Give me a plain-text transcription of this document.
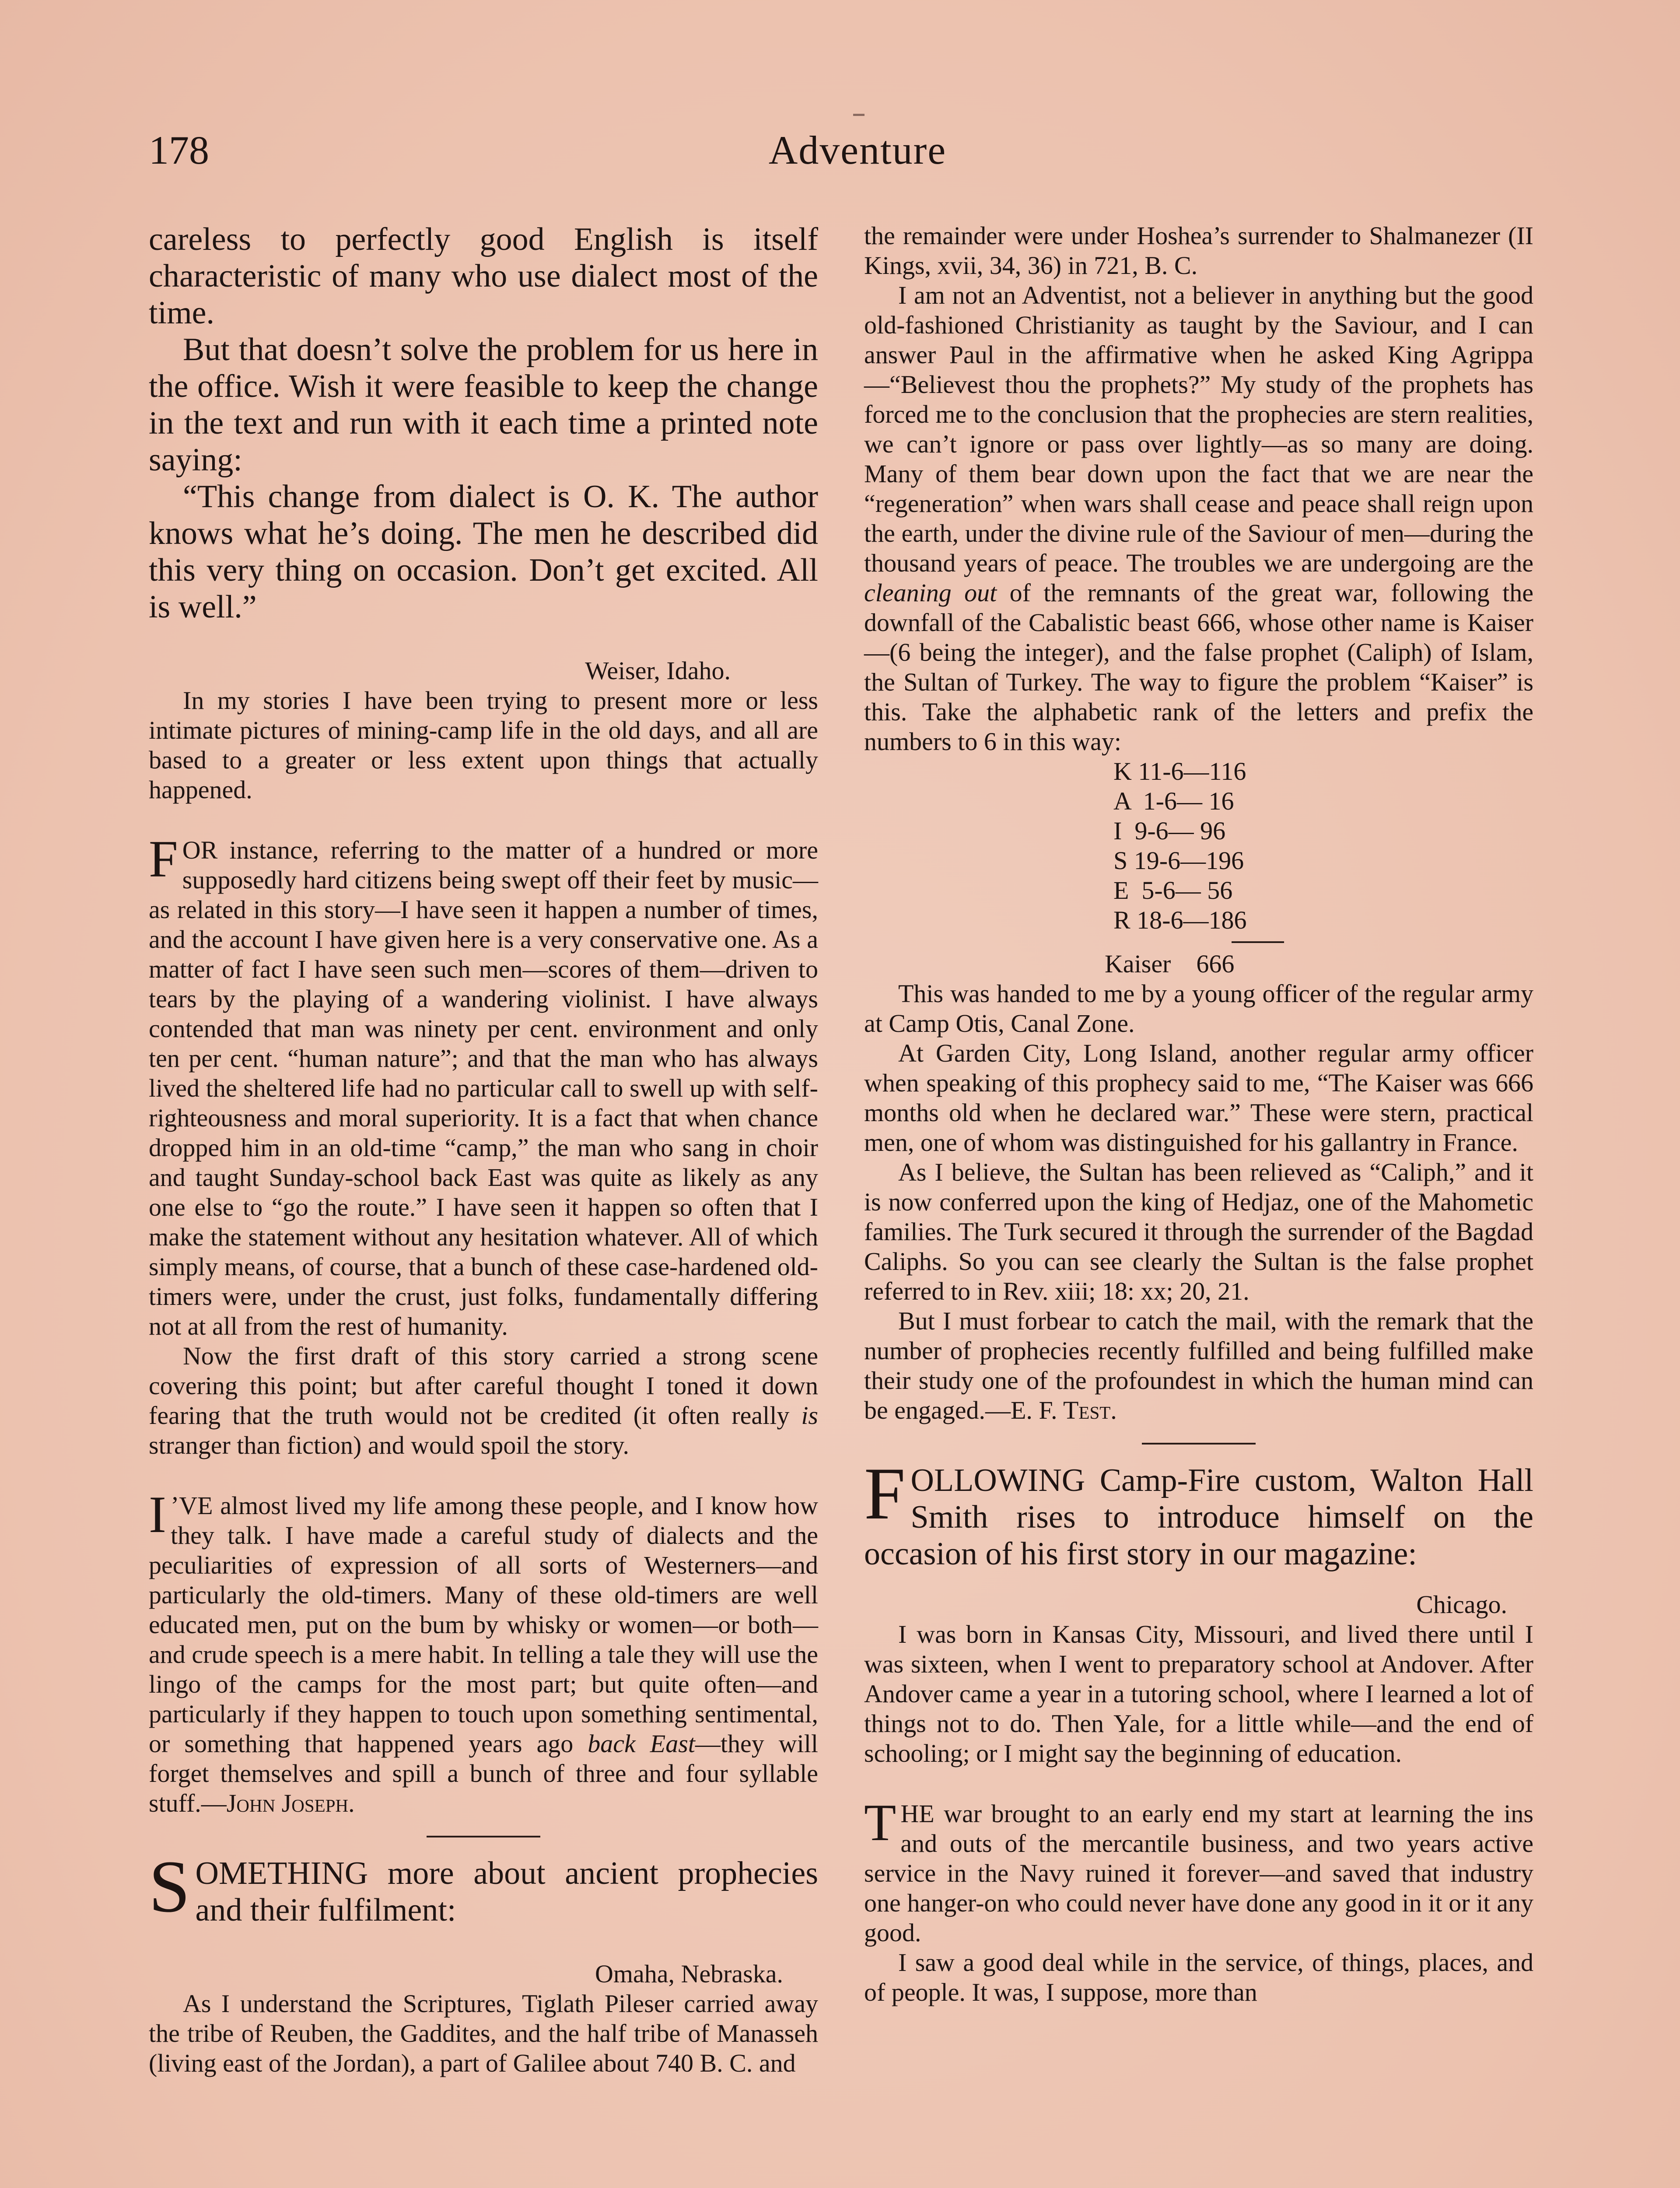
178	Adventure

careless to perfectly good English is itself characteristic of many who use dialect most of the time.

But that doesn’t solve the problem for us here in the office. Wish it were feasible to keep the change in the text and run with it each time a printed note saying:

“This change from dialect is O. K. The author knows what he’s doing. The men he described did this very thing on occasion. Don’t get excited. All is well.”

Weiser, Idaho.

In my stories I have been trying to present more or less intimate pictures of mining-camp life in the old days, and all are based to a greater or less extent upon things that actually happened.

FOR instance, referring to the matter of a hundred or more supposedly hard citizens being swept off their feet by music—as related in this story—I have seen it happen a number of times, and the account I have given here is a very conservative one. As a matter of fact I have seen such men—scores of them—driven to tears by the playing of a wandering violinist. I have always contended that man was ninety per cent. environment and only ten per cent. “human nature”; and that the man who has always lived the sheltered life had no particular call to swell up with self-righteousness and moral superiority. It is a fact that when chance dropped him in an old-time “camp,” the man who sang in choir and taught Sunday-school back East was quite as likely as any one else to “go the route.” I have seen it happen so often that I make the statement without any hesitation whatever. All of which simply means, of course, that a bunch of these case-hardened old-timers were, under the crust, just folks, fundamentally differing not at all from the rest of humanity.

Now the first draft of this story carried a strong scene covering this point; but after careful thought I toned it down fearing that the truth would not be credited (it often really is stranger than fiction) and would spoil the story.

I ’VE almost lived my life among these people, and I know how they talk. I have made a careful study of dialects and the peculiarities of expression of all sorts of Westerners—and particularly the old-timers. Many of these old-timers are well educated men, put on the bum by whisky or women—or both—and crude speech is a mere habit. In telling a tale they will use the lingo of the camps for the most part; but quite often—and particularly if they happen to touch upon something sentimental, or something that happened years ago back East—they will forget themselves and spill a bunch of three and four syllable stuff.—John Joseph.

SOMETHING more about ancient prophecies and their fulfilment:

Omaha, Nebraska.

As I understand the Scriptures, Tiglath Pileser carried away the tribe of Reuben, the Gaddites, and the half tribe of Manasseh (living east of the Jordan), a part of Galilee about 740 B. C. and

the remainder were under Hoshea’s surrender to Shalmanezer (II Kings, xvii, 34, 36) in 721, B. C.

I am not an Adventist, not a believer in anything but the good old-fashioned Christianity as taught by the Saviour, and I can answer Paul in the affirmative when he asked King Agrippa—“Believest thou the prophets?” My study of the prophets has forced me to the conclusion that the prophecies are stern realities, we can’t ignore or pass over lightly—as so many are doing. Many of them bear down upon the fact that we are near the “regeneration” when wars shall cease and peace shall reign upon the earth, under the divine rule of the Saviour of men—during the thousand years of peace. The troubles we are undergoing are the cleaning out of the remnants of the great war, following the downfall of the Cabalistic beast 666, whose other name is Kaiser—(6 being the integer), and the false prophet (Caliph) of Islam, the Sultan of Turkey. The way to figure the problem “Kaiser” is this. Take the alphabetic rank of the letters and prefix the numbers to 6 in this way:

K 11-6—116
A  1-6— 16
I  9-6— 96
S 19-6—196
E  5-6— 56
R 18-6—186
Kaiser    666

This was handed to me by a young officer of the regular army at Camp Otis, Canal Zone.

At Garden City, Long Island, another regular army officer when speaking of this prophecy said to me, “The Kaiser was 666 months old when he declared war.” These were stern, practical men, one of whom was distinguished for his gallantry in France.

As I believe, the Sultan has been relieved as “Caliph,” and it is now conferred upon the king of Hedjaz, one of the Mahometic families. The Turk secured it through the surrender of the Bagdad Caliphs. So you can see clearly the Sultan is the false prophet referred to in Rev. xiii; 18: xx; 20, 21.

But I must forbear to catch the mail, with the remark that the number of prophecies recently fulfilled and being fulfilled make their study one of the profoundest in which the human mind can be engaged.—E. F. Test.

FOLLOWING Camp-Fire custom, Walton Hall Smith rises to introduce himself on the occasion of his first story in our magazine:

Chicago.

I was born in Kansas City, Missouri, and lived there until I was sixteen, when I went to preparatory school at Andover. After Andover came a year in a tutoring school, where I learned a lot of things not to do. Then Yale, for a little while—and the end of schooling; or I might say the beginning of education.

THE war brought to an early end my start at learning the ins and outs of the mercantile business, and two years active service in the Navy ruined it forever—and saved that industry one hanger-on who could never have done any good in it or it any good.

I saw a good deal while in the service, of things, places, and of people. It was, I suppose, more than
